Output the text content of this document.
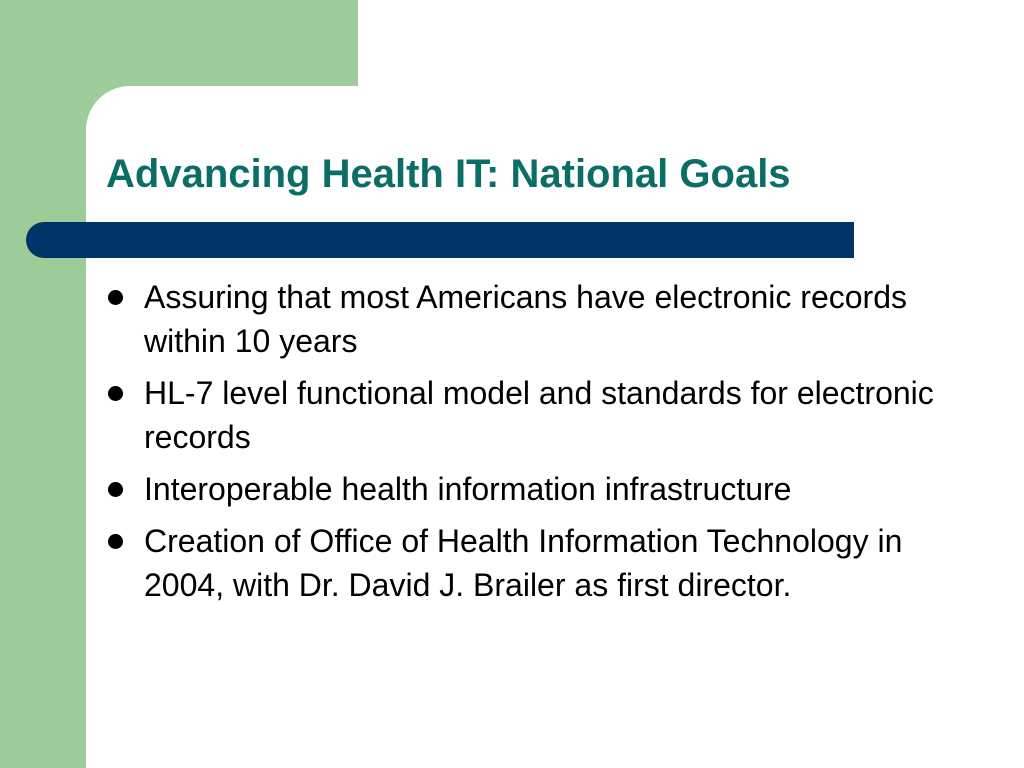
Advancing Health IT: National Goals
Assuring that most Americans have electronic records within 10 years
HL-7 level functional model and standards for electronic records
Interoperable health information infrastructure
Creation of Office of Health Information Technology in 2004, with Dr. David J. Brailer as first director.
